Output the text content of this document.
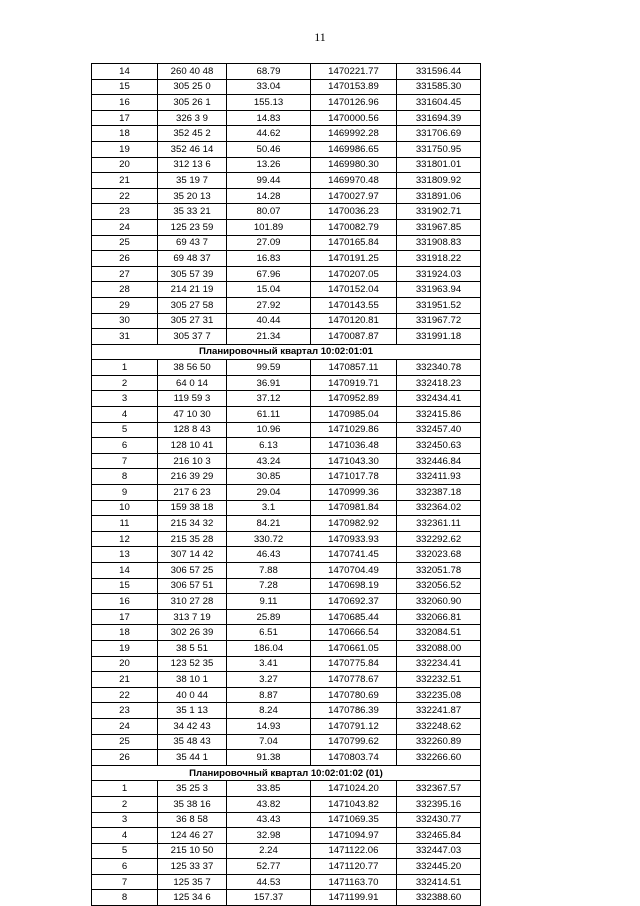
11
14	260 40 48	68.79	1470221.77	331596.44
15	305 25 0	33.04	1470153.89	331585.30
16	305 26 1	155.13	1470126.96	331604.45
17	326 3 9	14.83	1470000.56	331694.39
18	352 45 2	44.62	1469992.28	331706.69
19	352 46 14	50.46	1469986.65	331750.95
20	312 13 6	13.26	1469980.30	331801.01
21	35 19 7	99.44	1469970.48	331809.92
22	35 20 13	14.28	1470027.97	331891.06
23	35 33 21	80.07	1470036.23	331902.71
24	125 23 59	101.89	1470082.79	331967.85
25	69 43 7	27.09	1470165.84	331908.83
26	69 48 37	16.83	1470191.25	331918.22
27	305 57 39	67.96	1470207.05	331924.03
28	214 21 19	15.04	1470152.04	331963.94
29	305 27 58	27.92	1470143.55	331951.52
30	305 27 31	40.44	1470120.81	331967.72
31	305 37 7	21.34	1470087.87	331991.18
Планировочный квартал 10:02:01:01				
1	38 56 50	99.59	1470857.11	332340.78
2	64 0 14	36.91	1470919.71	332418.23
3	119 59 3	37.12	1470952.89	332434.41
4	47 10 30	61.11	1470985.04	332415.86
5	128 8 43	10.96	1471029.86	332457.40
6	128 10 41	6.13	1471036.48	332450.63
7	216 10 3	43.24	1471043.30	332446.84
8	216 39 29	30.85	1471017.78	332411.93
9	217 6 23	29.04	1470999.36	332387.18
10	159 38 18	3.1	1470981.84	332364.02
11	215 34 32	84.21	1470982.92	332361.11
12	215 35 28	330.72	1470933.93	332292.62
13	307 14 42	46.43	1470741.45	332023.68
14	306 57 25	7.88	1470704.49	332051.78
15	306 57 51	7.28	1470698.19	332056.52
16	310 27 28	9.11	1470692.37	332060.90
17	313 7 19	25.89	1470685.44	332066.81
18	302 26 39	6.51	1470666.54	332084.51
19	38 5 51	186.04	1470661.05	332088.00
20	123 52 35	3.41	1470775.84	332234.41
21	38 10 1	3.27	1470778.67	332232.51
22	40 0 44	8.87	1470780.69	332235.08
23	35 1 13	8.24	1470786.39	332241.87
24	34 42 43	14.93	1470791.12	332248.62
25	35 48 43	7.04	1470799.62	332260.89
26	35 44 1	91.38	1470803.74	332266.60
Планировочный квартал 10:02:01:02 (01)				
1	35 25 3	33.85	1471024.20	332367.57
2	35 38 16	43.82	1471043.82	332395.16
3	36 8 58	43.43	1471069.35	332430.77
4	124 46 27	32.98	1471094.97	332465.84
5	215 10 50	2.24	1471122.06	332447.03
6	125 33 37	52.77	1471120.77	332445.20
7	125 35 7	44.53	1471163.70	332414.51
8	125 34 6	157.37	1471199.91	332388.60
